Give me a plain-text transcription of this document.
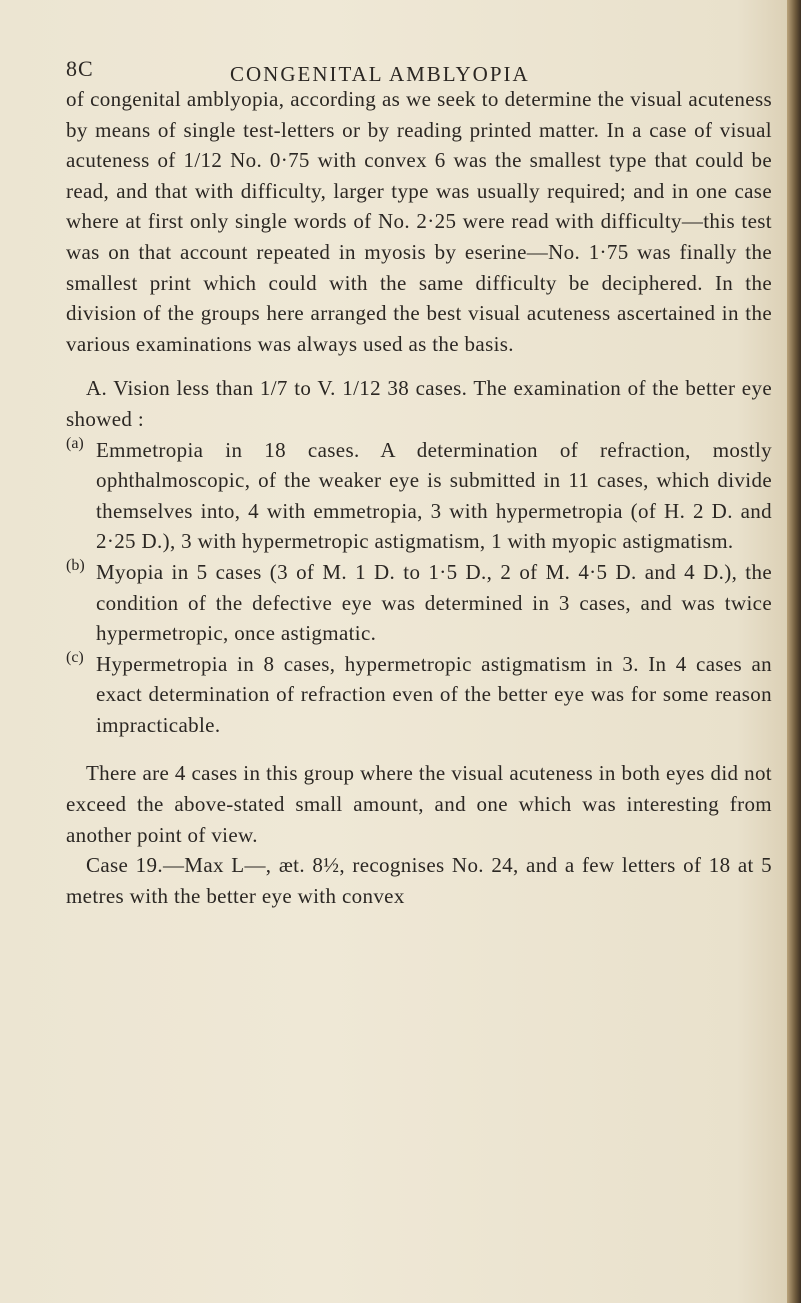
8C	CONGENITAL AMBLYOPIA

of congenital amblyopia, according as we seek to determine the visual acuteness by means of single test-letters or by reading printed matter. In a case of visual acuteness of 1/12 No. 0·75 with convex 6 was the smallest type that could be read, and that with difficulty, larger type was usually required; and in one case where at first only single words of No. 2·25 were read with difficulty—this test was on that account repeated in myosis by eserine—No. 1·75 was finally the smallest print which could with the same difficulty be deciphered. In the division of the groups here arranged the best visual acuteness ascertained in the various examinations was always used as the basis.

A. Vision less than 1/7 to V. 1/12 38 cases. The examination of the better eye showed :

(a) Emmetropia in 18 cases. A determination of refraction, mostly ophthalmoscopic, of the weaker eye is submitted in 11 cases, which divide themselves into, 4 with emmetropia, 3 with hypermetropia (of H. 2 D. and 2·25 D.), 3 with hypermetropic astigmatism, 1 with myopic astigmatism.

(b) Myopia in 5 cases (3 of M. 1 D. to 1·5 D., 2 of M. 4·5 D. and 4 D.), the condition of the defective eye was determined in 3 cases, and was twice hypermetropic, once astigmatic.

(c) Hypermetropia in 8 cases, hypermetropic astigmatism in 3. In 4 cases an exact determination of refraction even of the better eye was for some reason impracticable.

There are 4 cases in this group where the visual acuteness in both eyes did not exceed the above-stated small amount, and one which was interesting from another point of view.

Case 19.—Max L—, æt. 8½, recognises No. 24, and a few letters of 18 at 5 metres with the better eye with convex
